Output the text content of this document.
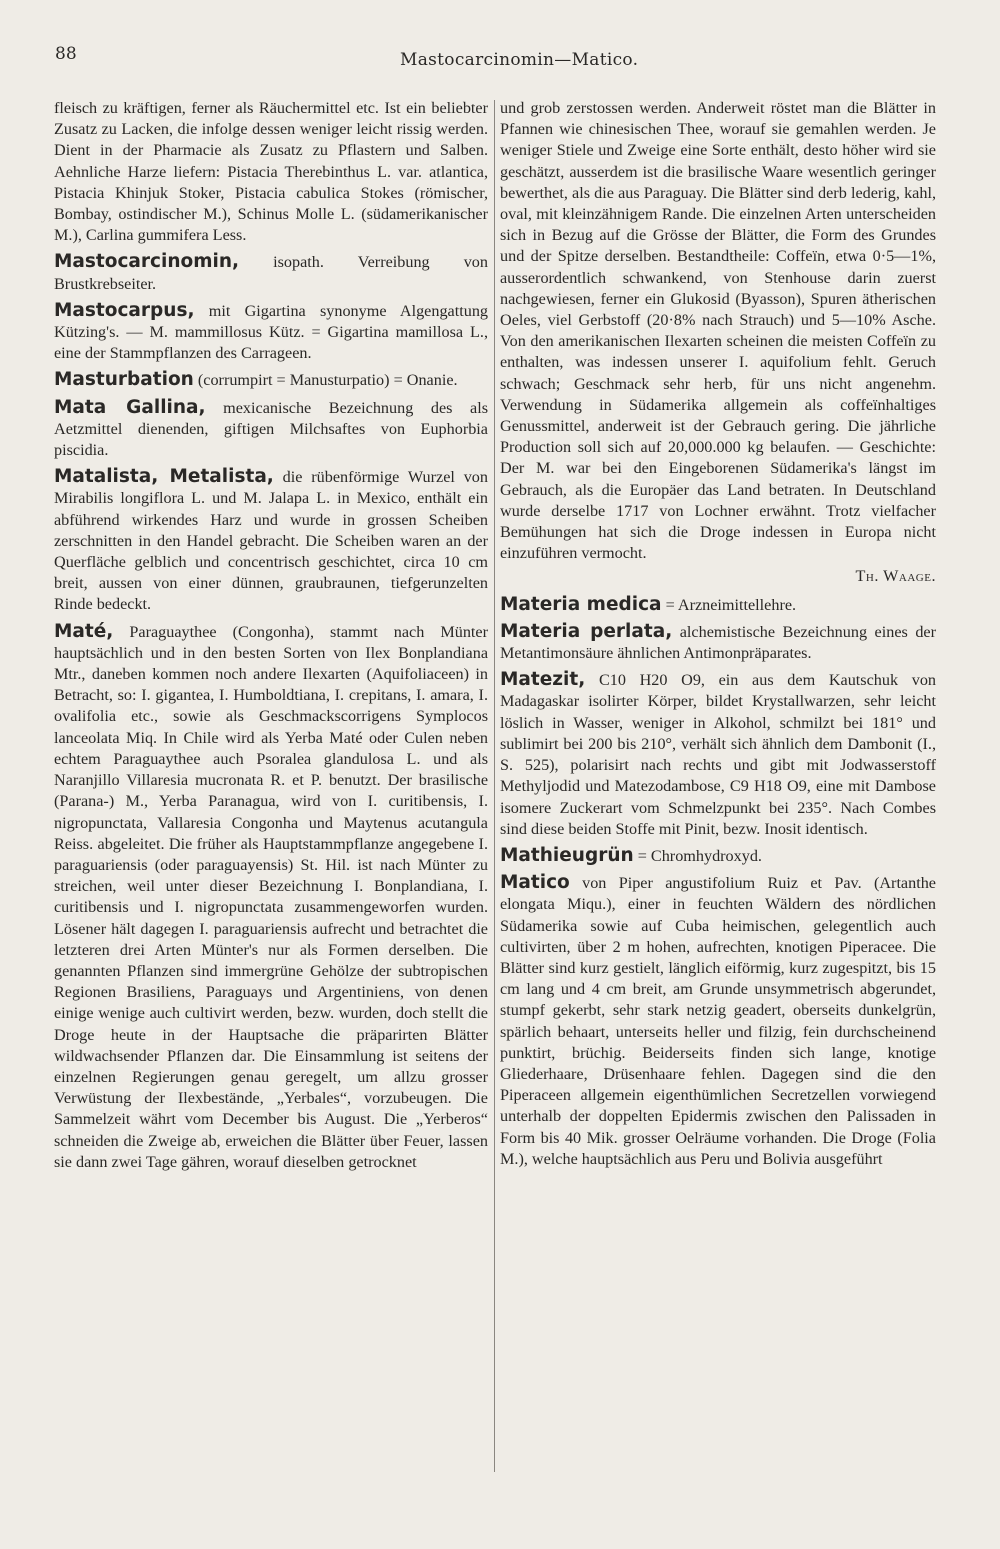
88	Mastocarcinomin—Matico.

fleisch zu kräftigen, ferner als Räuchermittel etc. Ist ein beliebter Zusatz zu Lacken, die infolge dessen weniger leicht rissig werden. Dient in der Pharmacie als Zusatz zu Pflastern und Salben. Aehnliche Harze liefern: Pistacia Therebinthus L. var. atlantica, Pistacia Khinjuk Stoker, Pistacia cabulica Stokes (römischer, Bombay, ostindischer M.), Schinus Molle L. (südamerikanischer M.), Carlina gummifera Less.

Mastocarcinomin, isopath. Verreibung von Brustkrebseiter.

Mastocarpus, mit Gigartina synonyme Algengattung Kützing's. — M. mammillosus Kütz. = Gigartina mamillosa L., eine der Stammpflanzen des Carrageen.

Masturbation (corrumpirt = Manusturpatio) = Onanie.

Mata Gallina, mexicanische Bezeichnung des als Aetzmittel dienenden, giftigen Milchsaftes von Euphorbia piscidia.

Matalista, Metalista, die rübenförmige Wurzel von Mirabilis longiflora L. und M. Jalapa L. in Mexico, enthält ein abführend wirkendes Harz und wurde in grossen Scheiben zerschnitten in den Handel gebracht. Die Scheiben waren an der Querfläche gelblich und concentrisch geschichtet, circa 10 cm breit, aussen von einer dünnen, graubraunen, tiefgerunzelten Rinde bedeckt.

Maté, Paraguaythee (Congonha), stammt nach Münter hauptsächlich und in den besten Sorten von Ilex Bonplandiana Mtr., daneben kommen noch andere Ilexarten (Aquifoliaceen) in Betracht, so: I. gigantea, I. Humboldtiana, I. crepitans, I. amara, I. ovalifolia etc., sowie als Geschmackscorrigens Symplocos lanceolata Miq. In Chile wird als Yerba Maté oder Culen neben echtem Paraguaythee auch Psoralea glandulosa L. und als Naranjillo Villaresia mucronata R. et P. benutzt. Der brasilische (Parana-) M., Yerba Paranagua, wird von I. curitibensis, I. nigropunctata, Vallaresia Congonha und Maytenus acutangula Reiss. abgeleitet. Die früher als Hauptstammpflanze angegebene I. paraguariensis (oder paraguayensis) St. Hil. ist nach Münter zu streichen, weil unter dieser Bezeichnung I. Bonplandiana, I. curitibensis und I. nigropunctata zusammengeworfen wurden. Lösener hält dagegen I. paraguariensis aufrecht und betrachtet die letzteren drei Arten Münter's nur als Formen derselben. Die genannten Pflanzen sind immergrüne Gehölze der subtropischen Regionen Brasiliens, Paraguays und Argentiniens, von denen einige wenige auch cultivirt werden, bezw. wurden, doch stellt die Droge heute in der Hauptsache die präparirten Blätter wildwachsender Pflanzen dar. Die Einsammlung ist seitens der einzelnen Regierungen genau geregelt, um allzu grosser Verwüstung der Ilexbestände, „Yerbales“, vorzubeugen. Die Sammelzeit währt vom December bis August. Die „Yerberos“ schneiden die Zweige ab, erweichen die Blätter über Feuer, lassen sie dann zwei Tage gähren, worauf dieselben getrocknet

und grob zerstossen werden. Anderweit röstet man die Blätter in Pfannen wie chinesischen Thee, worauf sie gemahlen werden. Je weniger Stiele und Zweige eine Sorte enthält, desto höher wird sie geschätzt, ausserdem ist die brasilische Waare wesentlich geringer bewerthet, als die aus Paraguay. Die Blätter sind derb lederig, kahl, oval, mit kleinzähnigem Rande. Die einzelnen Arten unterscheiden sich in Bezug auf die Grösse der Blätter, die Form des Grundes und der Spitze derselben. Bestandtheile: Coffeïn, etwa 0·5—1%, ausserordentlich schwankend, von Stenhouse darin zuerst nachgewiesen, ferner ein Glukosid (Byasson), Spuren ätherischen Oeles, viel Gerbstoff (20·8% nach Strauch) und 5—10% Asche. Von den amerikanischen Ilexarten scheinen die meisten Coffeïn zu enthalten, was indessen unserer I. aquifolium fehlt. Geruch schwach; Geschmack sehr herb, für uns nicht angenehm. Verwendung in Südamerika allgemein als coffeïnhaltiges Genussmittel, anderweit ist der Gebrauch gering. Die jährliche Production soll sich auf 20,000.000 kg belaufen. — Geschichte: Der M. war bei den Eingeborenen Südamerika's längst im Gebrauch, als die Europäer das Land betraten. In Deutschland wurde derselbe 1717 von Lochner erwähnt. Trotz vielfacher Bemühungen hat sich die Droge indessen in Europa nicht einzuführen vermocht.

Th. Waage.

Materia medica = Arzneimittellehre.

Materia perlata, alchemistische Bezeichnung eines der Metantimonsäure ähnlichen Antimonpräparates.

Matezit, C10 H20 O9, ein aus dem Kautschuk von Madagaskar isolirter Körper, bildet Krystallwarzen, sehr leicht löslich in Wasser, weniger in Alkohol, schmilzt bei 181° und sublimirt bei 200 bis 210°, verhält sich ähnlich dem Dambonit (I., S. 525), polarisirt nach rechts und gibt mit Jodwasserstoff Methyljodid und Matezodambose, C9 H18 O9, eine mit Dambose isomere Zuckerart vom Schmelzpunkt bei 235°. Nach Combes sind diese beiden Stoffe mit Pinit, bezw. Inosit identisch.

Mathieugrün = Chromhydroxyd.

Matico von Piper angustifolium Ruiz et Pav. (Artanthe elongata Miqu.), einer in feuchten Wäldern des nördlichen Südamerika sowie auf Cuba heimischen, gelegentlich auch cultivirten, über 2 m hohen, aufrechten, knotigen Piperacee. Die Blätter sind kurz gestielt, länglich eiförmig, kurz zugespitzt, bis 15 cm lang und 4 cm breit, am Grunde unsymmetrisch abgerundet, stumpf gekerbt, sehr stark netzig geadert, oberseits dunkelgrün, spärlich behaart, unterseits heller und filzig, fein durchscheinend punktirt, brüchig. Beiderseits finden sich lange, knotige Gliederhaare, Drüsenhaare fehlen. Dagegen sind die den Piperaceen allgemein eigenthümlichen Secretzellen vorwiegend unterhalb der doppelten Epidermis zwischen den Palissaden in Form bis 40 Mik. grosser Oelräume vorhanden. Die Droge (Folia M.), welche hauptsächlich aus Peru und Bolivia ausgeführt
